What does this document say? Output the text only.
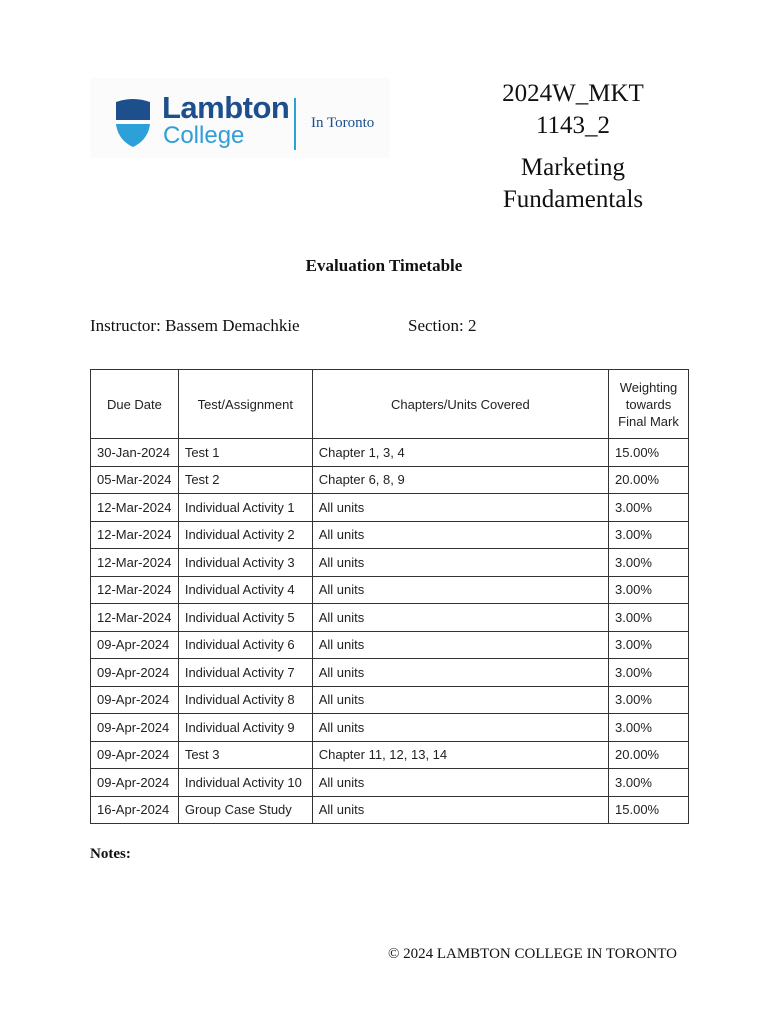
Lambton
College	In Toronto
2024W_MKT
1143_2
Marketing
Fundamentals
Evaluation Timetable
Instructor: Bassem Demachkie	Section: 2
Due Date	Test/Assignment	Chapters/Units Covered	Weighting towards Final Mark
30-Jan-2024	Test 1	Chapter 1, 3, 4	15.00%
05-Mar-2024	Test 2	Chapter 6, 8, 9	20.00%
12-Mar-2024	Individual Activity 1	All units	3.00%
12-Mar-2024	Individual Activity 2	All units	3.00%
12-Mar-2024	Individual Activity 3	All units	3.00%
12-Mar-2024	Individual Activity 4	All units	3.00%
12-Mar-2024	Individual Activity 5	All units	3.00%
09-Apr-2024	Individual Activity 6	All units	3.00%
09-Apr-2024	Individual Activity 7	All units	3.00%
09-Apr-2024	Individual Activity 8	All units	3.00%
09-Apr-2024	Individual Activity 9	All units	3.00%
09-Apr-2024	Test 3	Chapter 11, 12, 13, 14	20.00%
09-Apr-2024	Individual Activity 10	All units	3.00%
16-Apr-2024	Group Case Study	All units	15.00%
Notes:
© 2024 LAMBTON COLLEGE IN TORONTO
